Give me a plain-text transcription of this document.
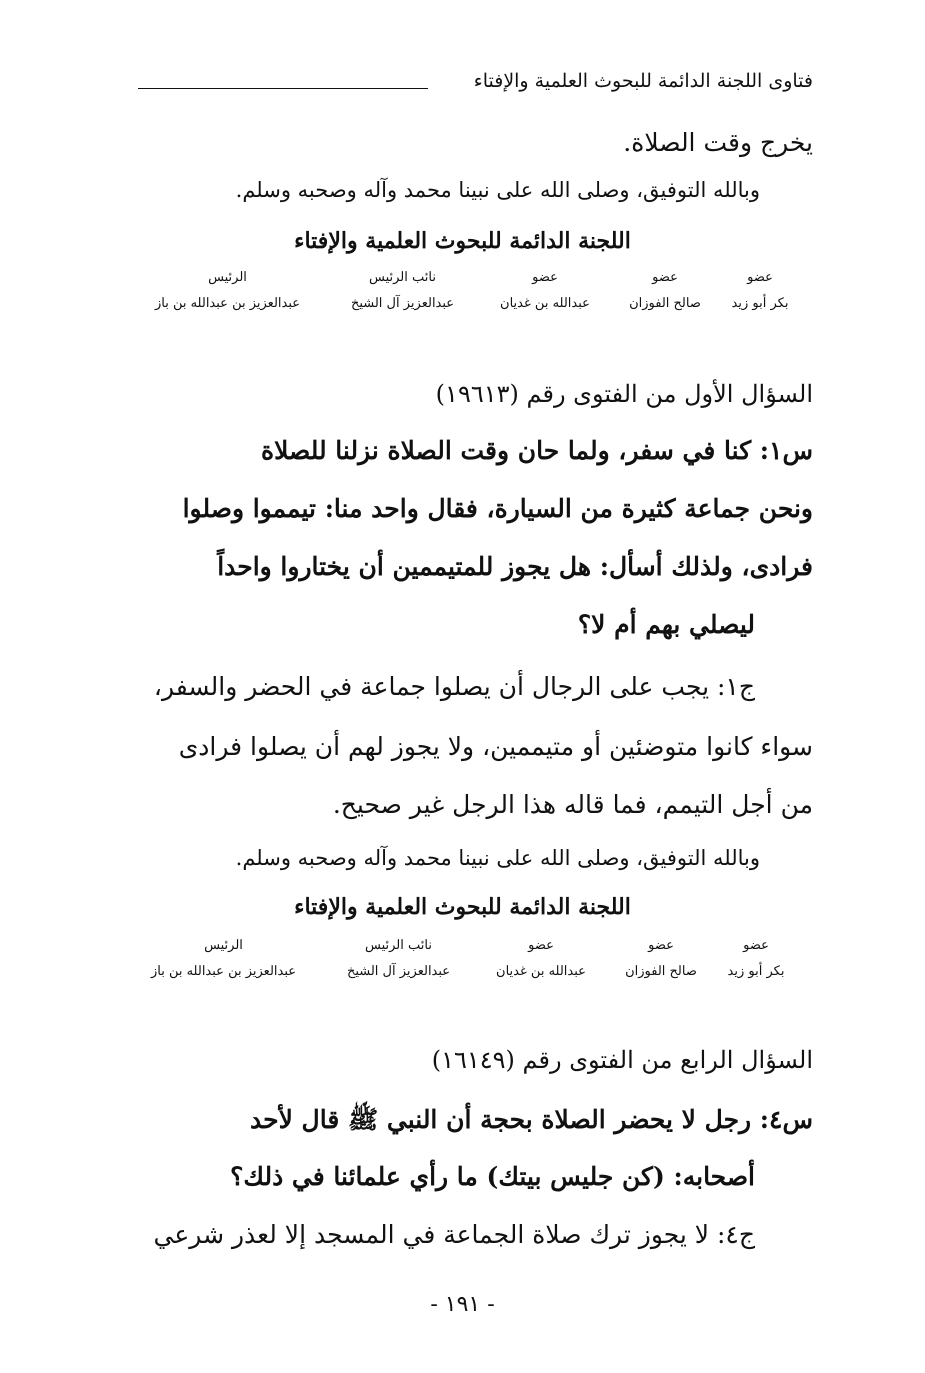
فتاوى اللجنة الدائمة للبحوث العلمية والإفتاء
يخرج وقت الصلاة.
وبالله التوفيق، وصلى الله على نبينا محمد وآله وصحبه وسلم.
اللجنة الدائمة للبحوث العلمية والإفتاء
عضو
بكر أبو زيد
عضو
صالح الفوزان
عضو
عبدالله بن غديان
نائب الرئيس
عبدالعزيز آل الشيخ
الرئيس
عبدالعزيز بن عبدالله بن باز
السؤال الأول من الفتوى رقم (١٩٦١٣)
س١: كنا في سفر، ولما حان وقت الصلاة نزلنا للصلاة
ونحن جماعة كثيرة من السيارة، فقال واحد منا: تيمموا وصلوا
فرادى، ولذلك أسأل: هل يجوز للمتيممين أن يختاروا واحداً
ليصلي بهم أم لا؟
ج١: يجب على الرجال أن يصلوا جماعة في الحضر والسفر،
سواء كانوا متوضئين أو متيممين، ولا يجوز لهم أن يصلوا فرادى
من أجل التيمم، فما قاله هذا الرجل غير صحيح.
وبالله التوفيق، وصلى الله على نبينا محمد وآله وصحبه وسلم.
اللجنة الدائمة للبحوث العلمية والإفتاء
عضو
بكر أبو زيد
عضو
صالح الفوزان
عضو
عبدالله بن غديان
نائب الرئيس
عبدالعزيز آل الشيخ
الرئيس
عبدالعزيز بن عبدالله بن باز
السؤال الرابع من الفتوى رقم (١٦١٤٩)
س٤: رجل لا يحضر الصلاة بحجة أن النبي ﷺ قال لأحد
أصحابه: (كن جليس بيتك) ما رأي علمائنا في ذلك؟
ج٤: لا يجوز ترك صلاة الجماعة في المسجد إلا لعذر شرعي
- ١٩١ -
